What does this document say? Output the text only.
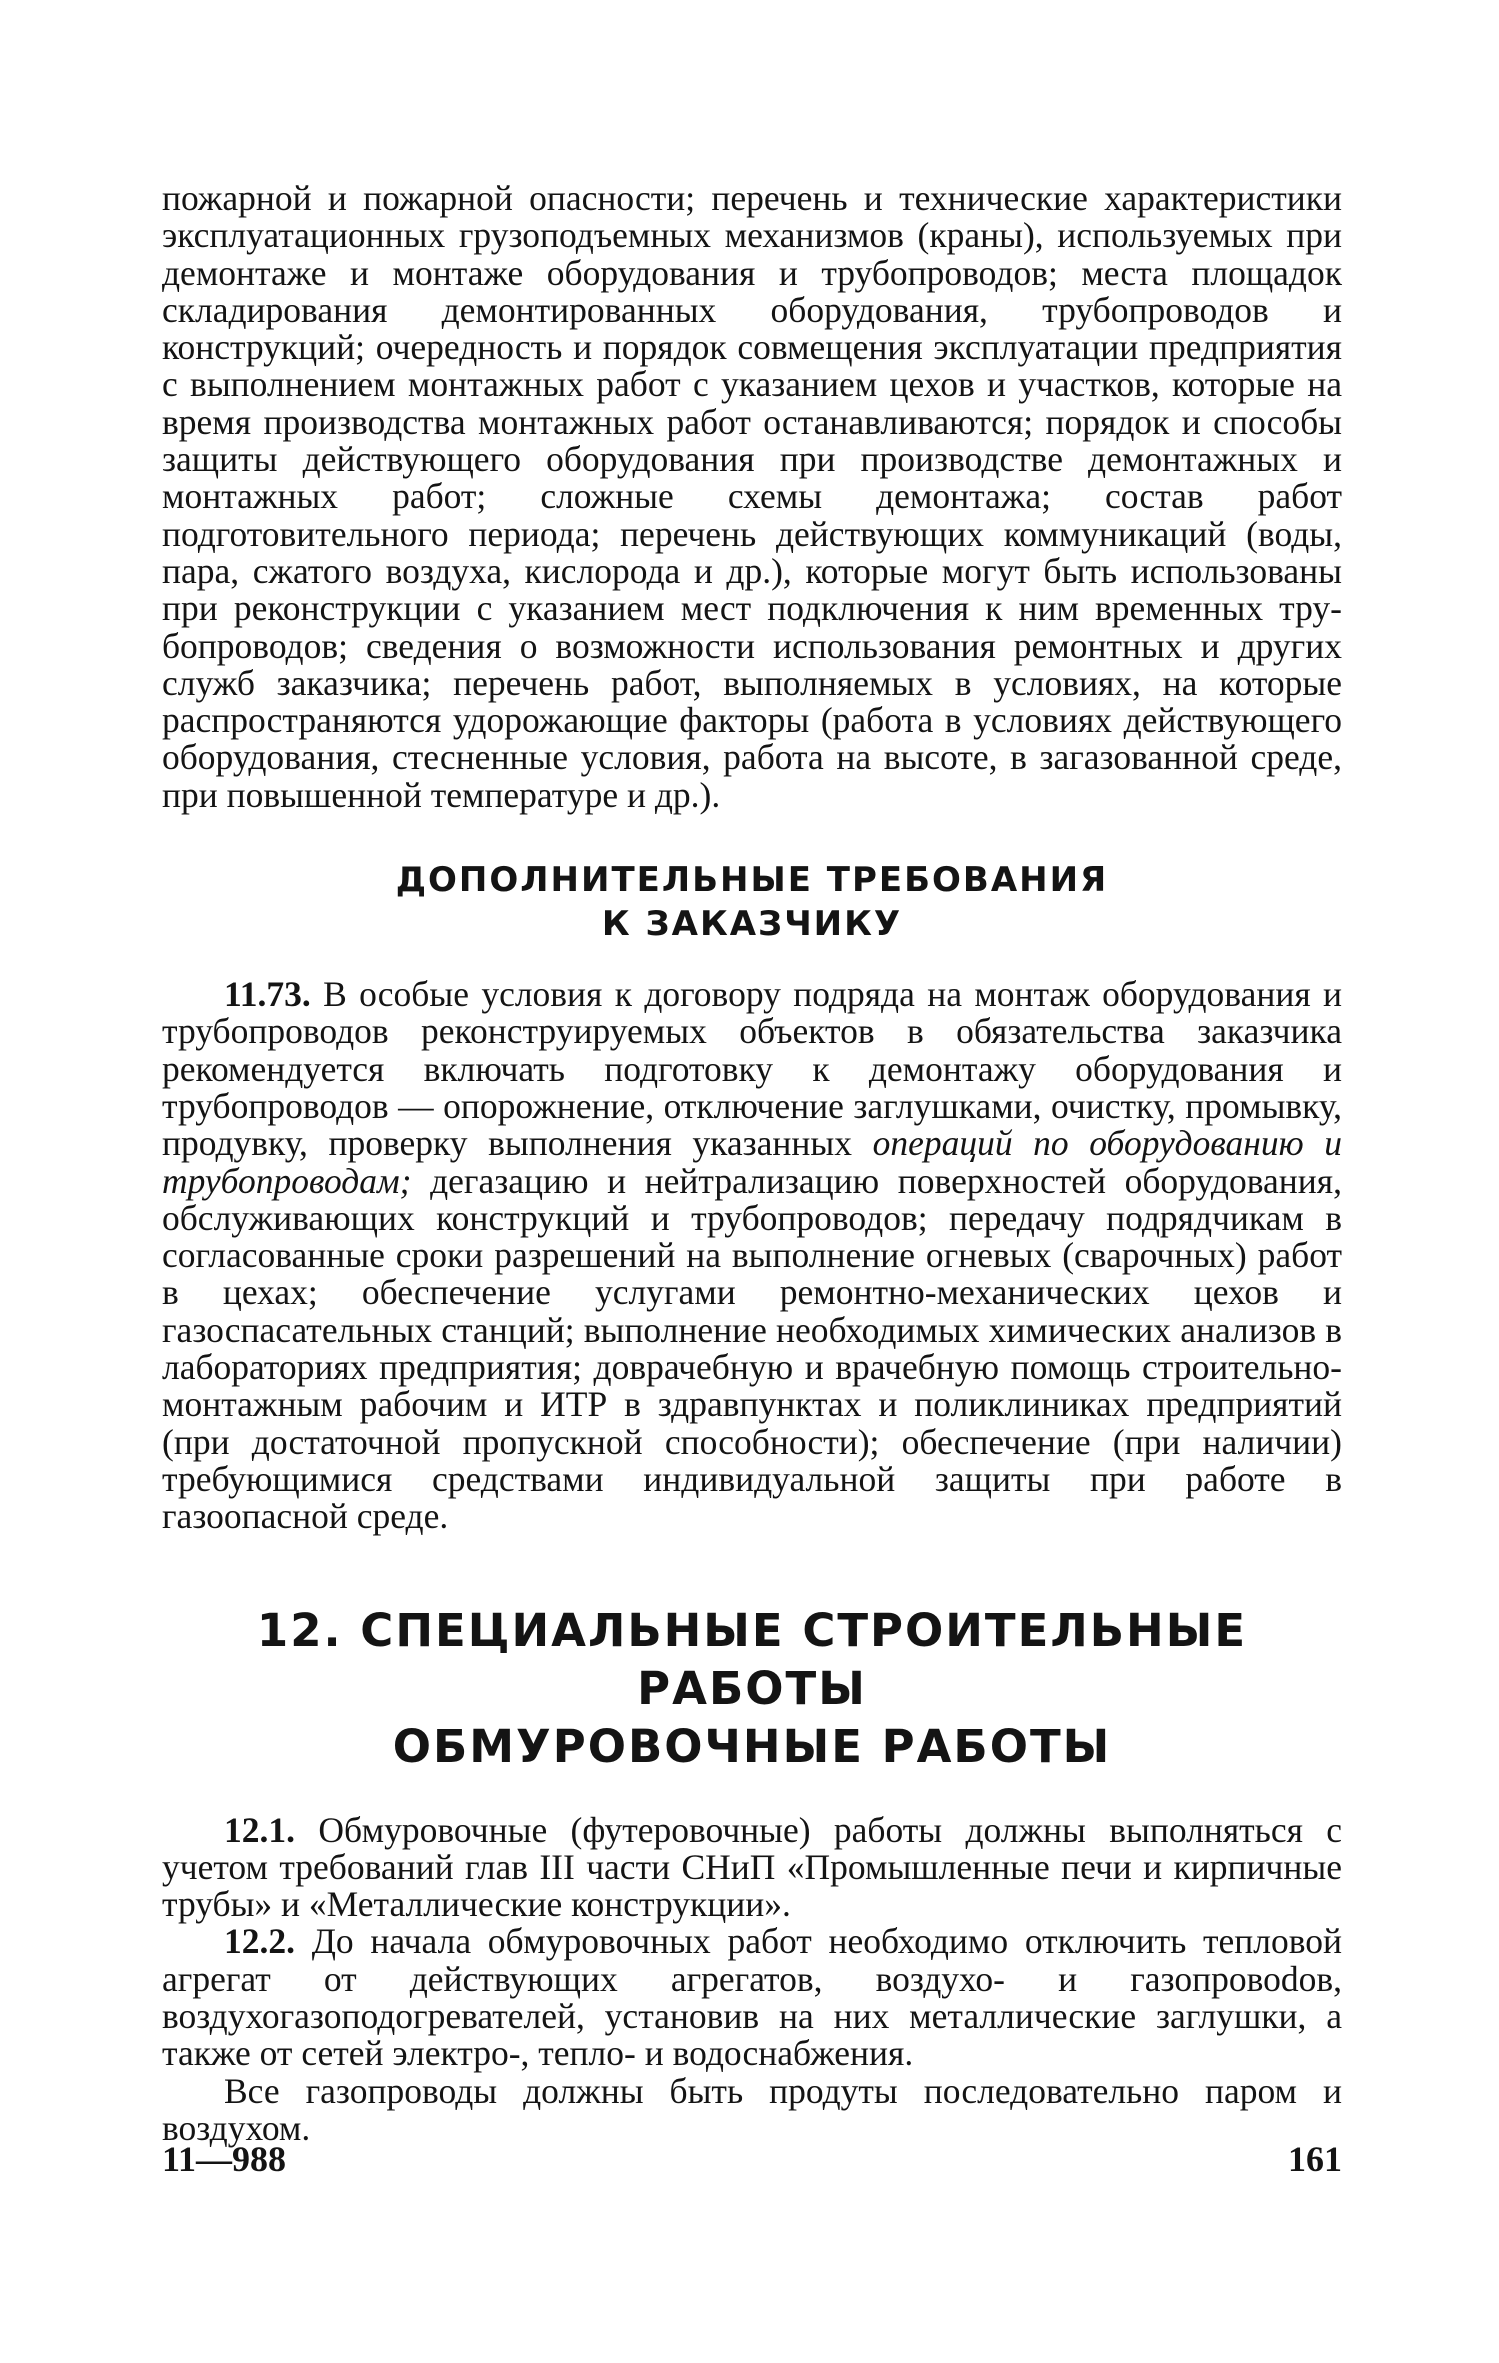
пожарной и пожарной опасности; перечень и технические характеристики эксплуатационных грузоподъемных механизмов (краны), используемых при демонтаже и монтаже оборудования и трубопроводов; места площадок складирования демонтированных оборудования, трубопроводов и конструкций; очередность и порядок совмещения эксплуатации предприятия с выполнением монтажных работ с указанием цехов и участков, которые на время производства монтажных работ останавливаются; порядок и способы защиты действующего оборудования при производстве демонтажных и монтажных работ; сложные схемы демонтажа; состав работ подготовительного периода; перечень действующих коммуникаций (воды, пара, сжатого воздуха, кислорода и др.), которые могут быть использованы при реконструкции с указанием мест подключения к ним временных трубопроводов; сведения о возможности использования ремонтных и других служб заказчика; перечень работ, выполняемых в условиях, на которые распространяются удорожающие факторы (работа в условиях действующего оборудования, стесненные условия, работа на высоте, в загазованной среде, при повышенной температуре и др.).

ДОПОЛНИТЕЛЬНЫЕ ТРЕБОВАНИЯ
К ЗАКАЗЧИКУ

11.73. В особые условия к договору подряда на монтаж оборудования и трубопроводов реконструируемых объектов в обязательства заказчика рекомендуется включать подготовку к демонтажу оборудования и трубопроводов — опорожнение, отключение заглушками, очистку, промывку, продувку, проверку выполнения указанных операций по оборудованию и трубопроводам; дегазацию и нейтрализацию поверхностей оборудования, обслуживающих конструкций и трубопроводов; передачу подрядчикам в согласованные сроки разрешений на выполнение огневых (сварочных) работ в цехах; обеспечение услугами ремонтно-механических цехов и газоспасательных станций; выполнение необходимых химических анализов в лабораториях предприятия; доврачебную и врачебную помощь строительно-монтажным рабочим и ИТР в здравпунктах и поликлиниках предприятий (при достаточной пропускной способности); обеспечение (при наличии) требующимися средствами индивидуальной защиты при работе в газоопасной среде.

12. СПЕЦИАЛЬНЫЕ СТРОИТЕЛЬНЫЕ РАБОТЫ
ОБМУРОВОЧНЫЕ РАБОТЫ

12.1. Обмуровочные (футеровочные) работы должны выполняться с учетом требований глав III части СНиП «Промышленные печи и кирпичные трубы» и «Металлические конструкции».

12.2. До начала обмуровочных работ необходимо отключить тепловой агрегат от действующих агрегатов, воздухо- и газопровоdов, воздухогазоподогревателей, установив на них металлические заглушки, а также от сетей электро-, тепло- и водоснабжения.

Все газопроводы должны быть продуты последовательно паром и воздухом.

11—988	161
